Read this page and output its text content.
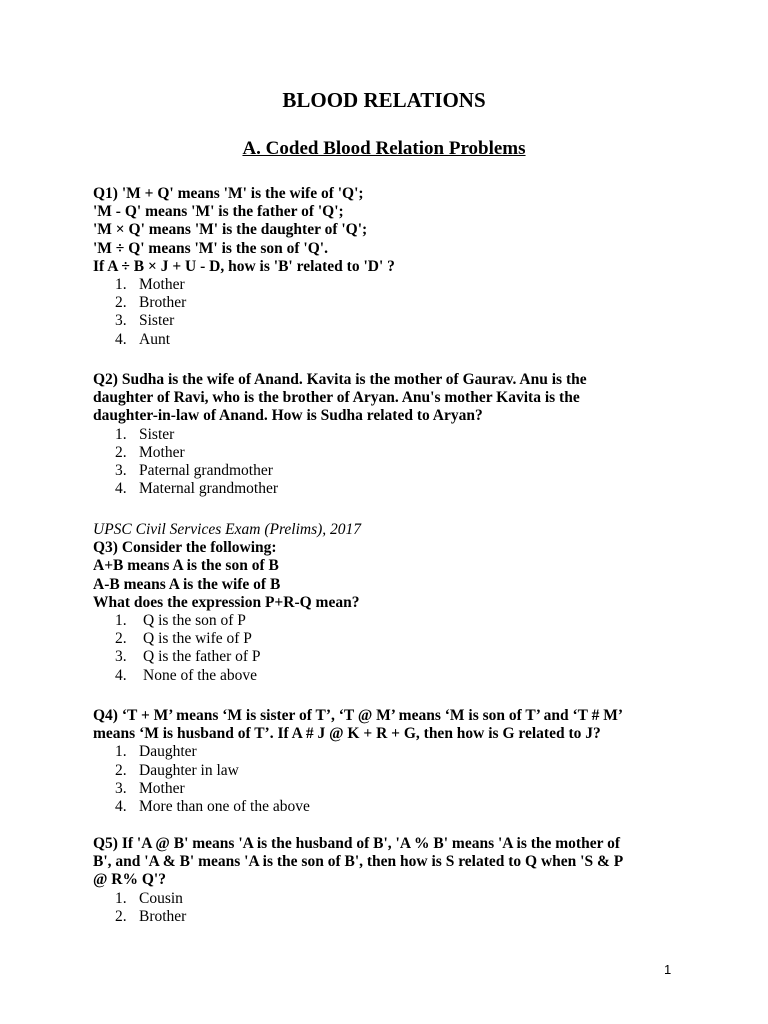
BLOOD RELATIONS
A. Coded Blood Relation Problems

Q1) 'M + Q' means 'M' is the wife of 'Q';

'M - Q' means 'M' is the father of 'Q';

'M × Q' means 'M' is the daughter of 'Q';

'M ÷ Q' means 'M' is the son of 'Q'.

If A ÷ B × J + U - D, how is 'B' related to 'D' ?

1. Mother
2. Brother
3. Sister
4. Aunt

Q2) Sudha is the wife of Anand. Kavita is the mother of Gaurav. Anu is the

daughter of Ravi, who is the brother of Aryan. Anu's mother Kavita is the

daughter-in-law of Anand. How is Sudha related to Aryan?

1. Sister
2. Mother
3. Paternal grandmother
4. Maternal grandmother

UPSC Civil Services Exam (Prelims), 2017

Q3) Consider the following:

A+B means A is the son of B

A-B means A is the wife of B

What does the expression P+R-Q mean?

1.	Q is the son of P
2.	Q is the wife of P
3.	Q is the father of P
4.	None of the above

Q4) ‘T + M’ means ‘M is sister of T’, ‘T @ M’ means ‘M is son of T’ and ‘T # M’

means ‘M is husband of T’. If A # J @ K + R + G, then how is G related to J?

1. Daughter
2. Daughter in law
3. Mother
4. More than one of the above

Q5) If 'A @ B' means 'A is the husband of B', 'A % B' means 'A is the mother of

B', and 'A & B' means 'A is the son of B', then how is S related to Q when 'S & P

@ R% Q'?

1. Cousin
2. Brother
1
